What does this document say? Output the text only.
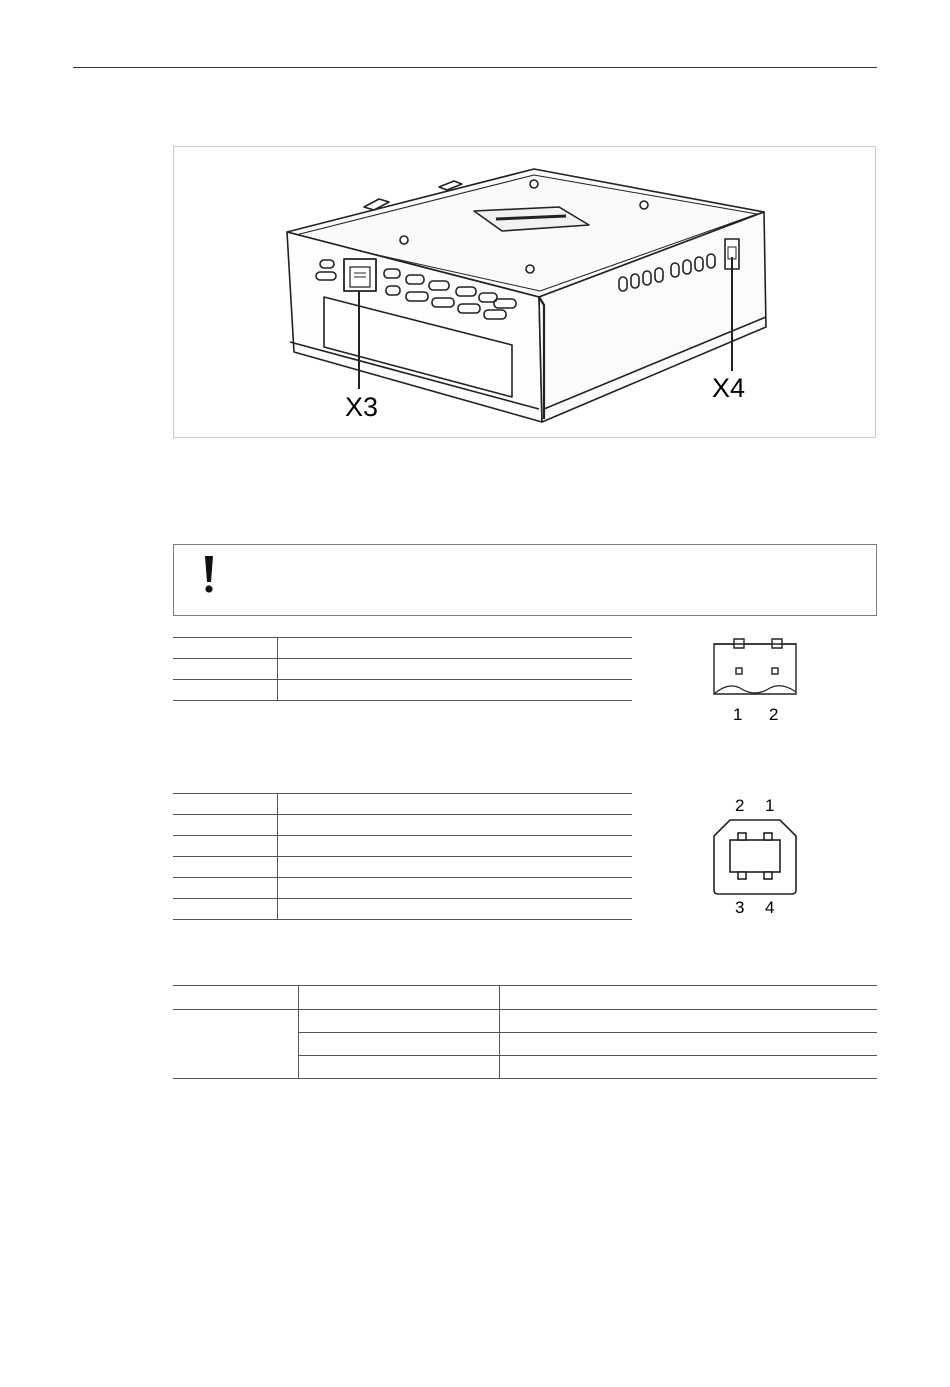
X3
X4

1 2

2 1
3 4
